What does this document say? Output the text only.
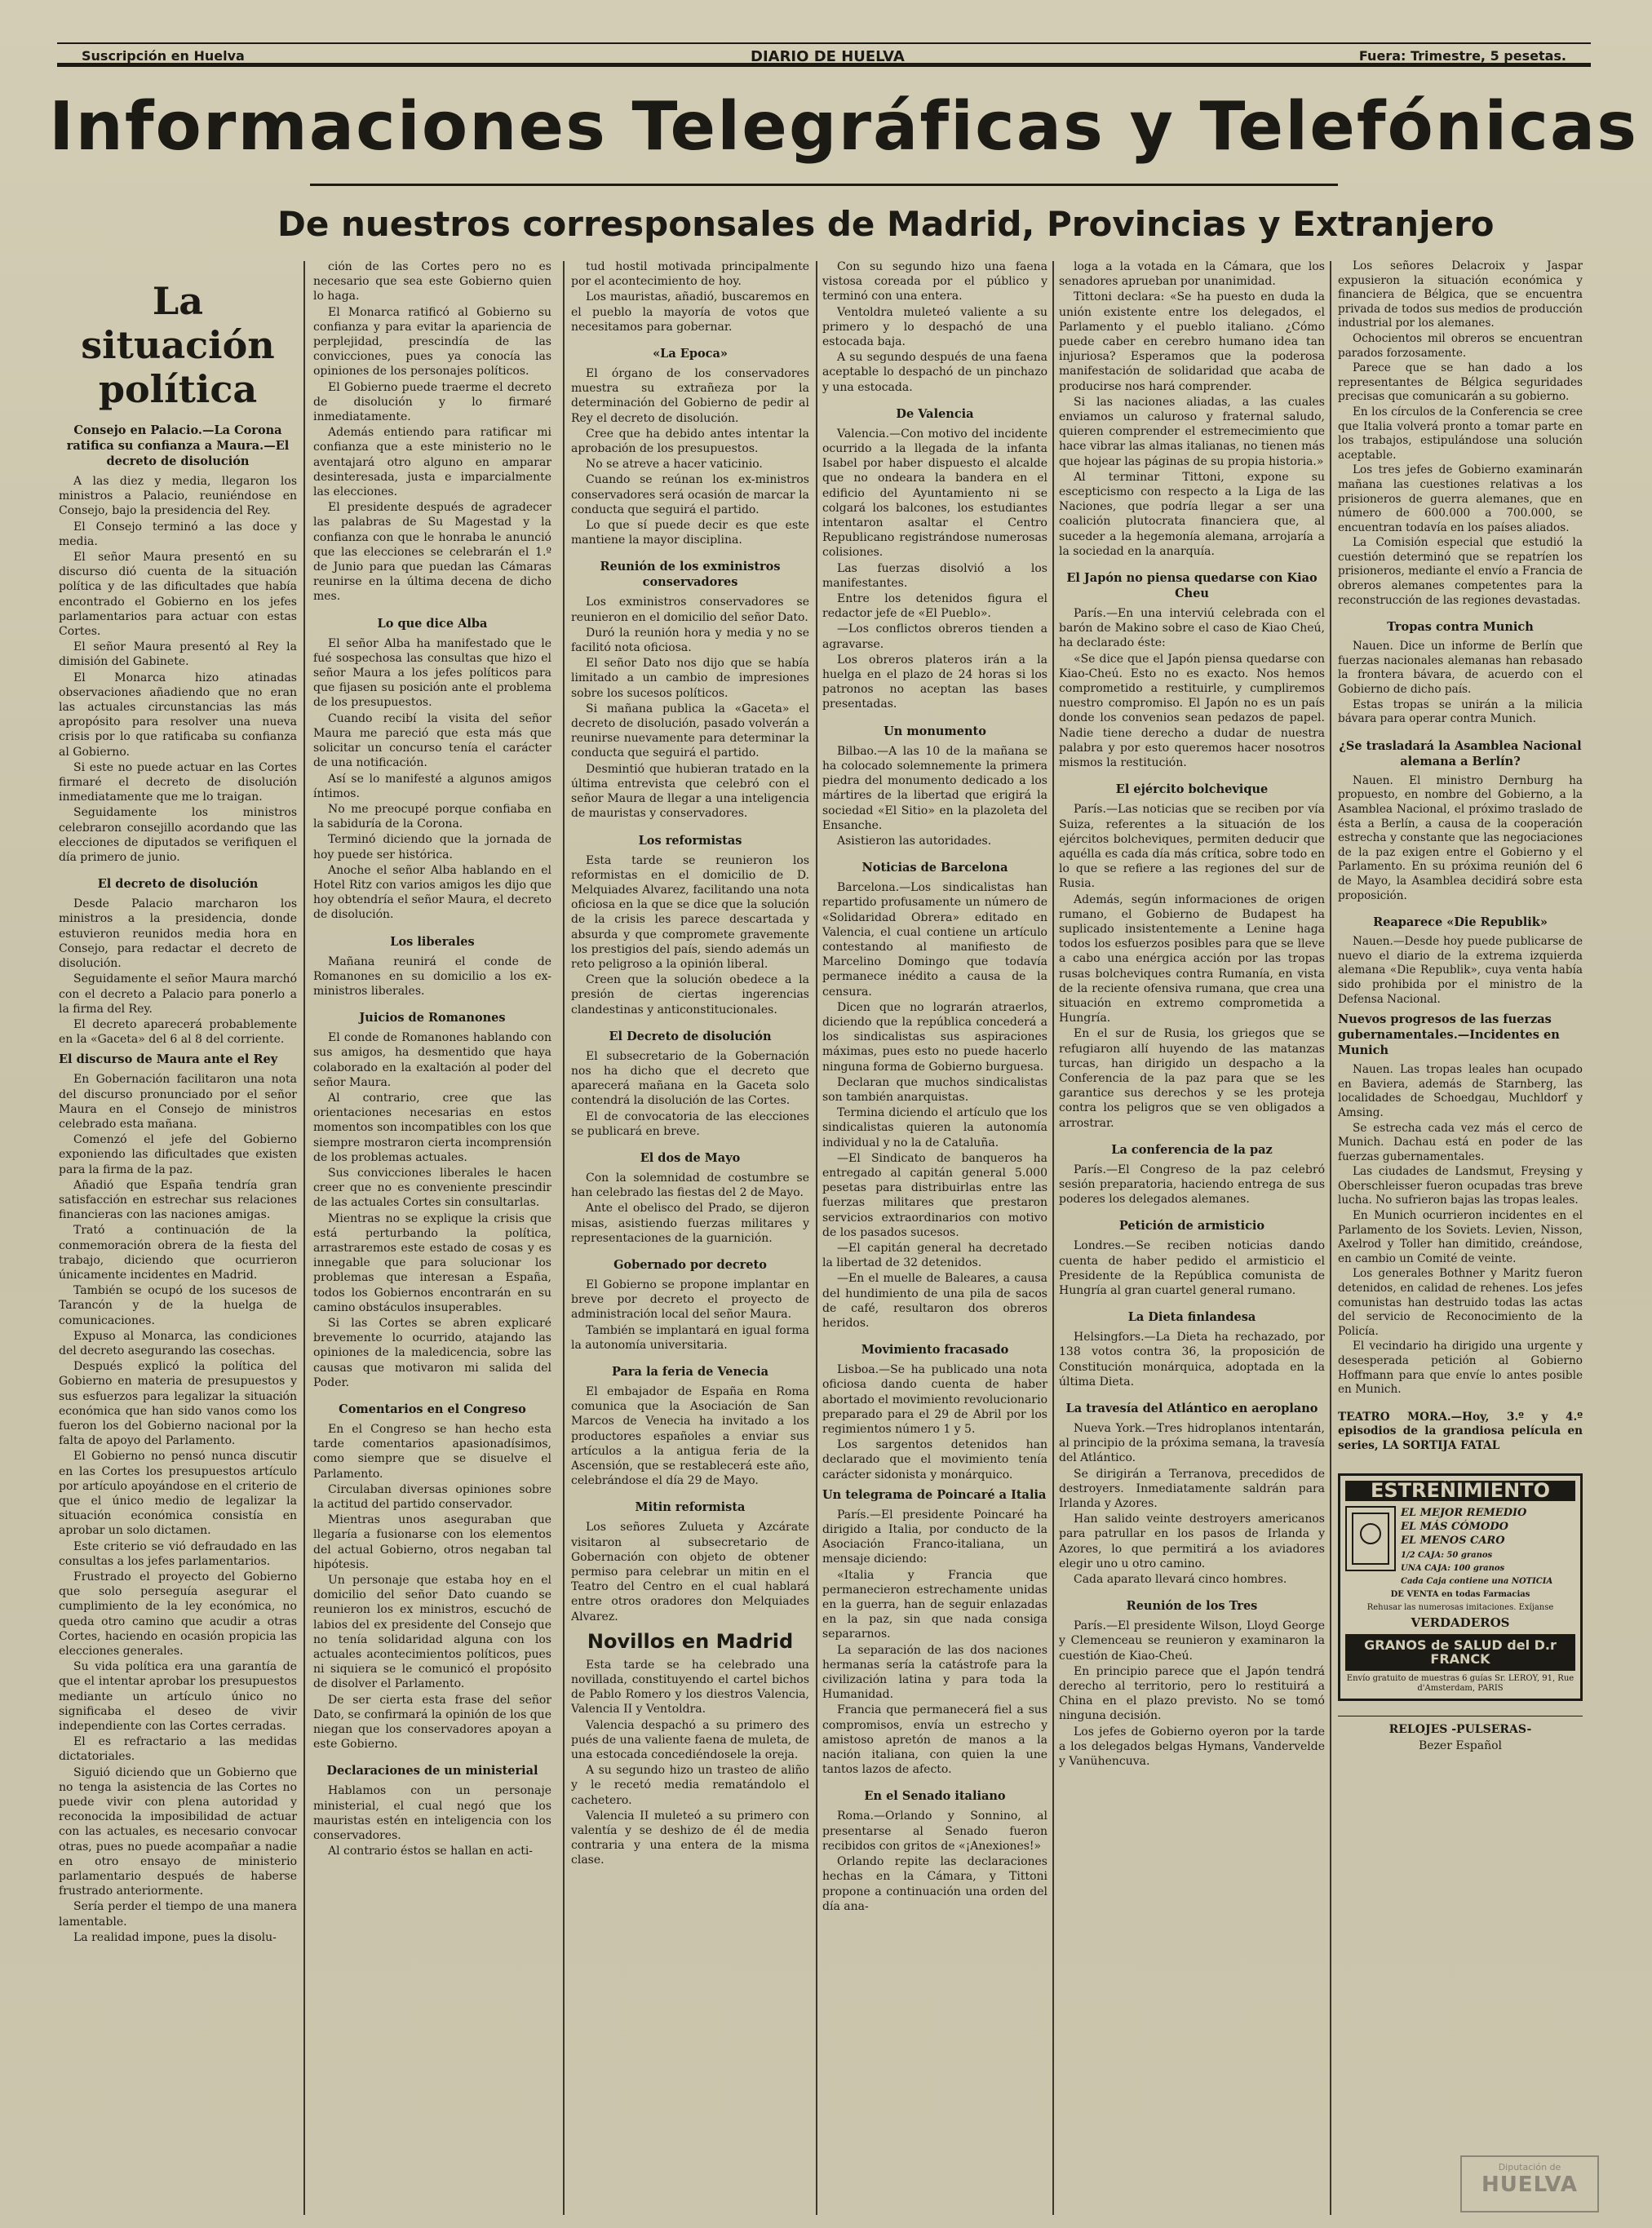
Suscripción en Huelva	DIARIO DE HUELVA	Fuera: Trimestre, 5 pesetas.
Informaciones Telegráficas y Telefónicas
De nuestros corresponsales de Madrid, Provincias y Extranjero
La situación política
Consejo en Palacio.—La Corona ratifica su confianza a Maura.—El decreto de disolución

A las diez y media, llegaron los ministros a Palacio, reuniéndose en Consejo, bajo la presidencia del Rey.

El Consejo terminó a las doce y media.

El señor Maura presentó en su discurso dió cuenta de la situación política y de las dificultades que había encontrado el Gobierno en los jefes parlamentarios para actuar con estas Cortes.

El señor Maura presentó al Rey la dimisión del Gabinete.

El Monarca hizo atinadas observaciones añadiendo que no eran las actuales circunstancias las más apropósito para resolver una nueva crisis por lo que ratificaba su confianza al Gobierno.

Si este no puede actuar en las Cortes firmaré el decreto de disolución inmediatamente que me lo traigan.

Seguidamente los ministros celebraron consejillo acordando que las elecciones de diputados se verifiquen el día primero de junio.

El decreto de disolución

Desde Palacio marcharon los ministros a la presidencia, donde estuvieron reunidos media hora en Consejo, para redactar el decreto de disolución.

Seguidamente el señor Maura marchó con el decreto a Palacio para ponerlo a la firma del Rey.

El decreto aparecerá probablemente en la «Gaceta» del 6 al 8 del corriente.

El discurso de Maura ante el Rey

En Gobernación facilitaron una nota del discurso pronunciado por el señor Maura en el Consejo de ministros celebrado esta mañana.

Comenzó el jefe del Gobierno exponiendo las dificultades que existen para la firma de la paz.

Añadió que España tendría gran satisfacción en estrechar sus relaciones financieras con las naciones amigas.

Trató a continuación de la conmemoración obrera de la fiesta del trabajo, diciendo que ocurrieron únicamente incidentes en Madrid.

También se ocupó de los sucesos de Tarancón y de la huelga de comunicaciones.

Expuso al Monarca, las condiciones del decreto asegurando las cosechas.

Después explicó la política del Gobierno en materia de presupuestos y sus esfuerzos para legalizar la situación económica que han sido vanos como los fueron los del Gobierno nacional por la falta de apoyo del Parlamento.

El Gobierno no pensó nunca discutir en las Cortes los presupuestos artículo por artículo apoyándose en el criterio de que el único medio de legalizar la situación económica consistía en aprobar un solo dictamen.

Este criterio se vió defraudado en las consultas a los jefes parlamentarios.

Frustrado el proyecto del Gobierno que solo perseguía asegurar el cumplimiento de la ley económica, no queda otro camino que acudir a otras Cortes, haciendo en ocasión propicia las elecciones generales.

Su vida política era una garantía de que el intentar aprobar los presupuestos mediante un artículo único no significaba el deseo de vivir independiente con las Cortes cerradas.

El es refractario a las medidas dictatoriales.

Siguió diciendo que un Gobierno que no tenga la asistencia de las Cortes no puede vivir con plena autoridad y reconocida la imposibilidad de actuar con las actuales, es necesario convocar otras, pues no puede acompañar a nadie en otro ensayo de ministerio parlamentario después de haberse frustrado anteriormente.

Sería perder el tiempo de una manera lamentable.

La realidad impone, pues la disolu-

ción de las Cortes pero no es necesario que sea este Gobierno quien lo haga.

El Monarca ratificó al Gobierno su confianza y para evitar la apariencia de perplejidad, prescindía de las convicciones, pues ya conocía las opiniones de los personajes políticos.

El Gobierno puede traerme el decreto de disolución y lo firmaré inmediatamente.

Además entiendo para ratificar mi confianza que a este ministerio no le aventajará otro alguno en amparar desinteresada, justa e imparcialmente las elecciones.

El presidente después de agradecer las palabras de Su Magestad y la confianza con que le honraba le anunció que las elecciones se celebrarán el 1.º de Junio para que puedan las Cámaras reunirse en la última decena de dicho mes.

Lo que dice Alba

El señor Alba ha manifestado que le fué sospechosa las consultas que hizo el señor Maura a los jefes políticos para que fijasen su posición ante el problema de los presupuestos.

Cuando recibí la visita del señor Maura me pareció que esta más que solicitar un concurso tenía el carácter de una notificación.

Así se lo manifesté a algunos amigos íntimos.

No me preocupé porque confiaba en la sabiduría de la Corona.

Terminó diciendo que la jornada de hoy puede ser histórica.

Anoche el señor Alba hablando en el Hotel Ritz con varios amigos les dijo que hoy obtendría el señor Maura, el decreto de disolución.

Los liberales

Mañana reunirá el conde de Romanones en su domicilio a los ex-ministros liberales.

Juicios de Romanones

El conde de Romanones hablando con sus amigos, ha desmentido que haya colaborado en la exaltación al poder del señor Maura.

Al contrario, cree que las orientaciones necesarias en estos momentos son incompatibles con los que siempre mostraron cierta incomprensión de los problemas actuales.

Sus convicciones liberales le hacen creer que no es conveniente prescindir de las actuales Cortes sin consultarlas.

Mientras no se explique la crisis que está perturbando la política, arrastraremos este estado de cosas y es innegable que para solucionar los problemas que interesan a España, todos los Gobiernos encontrarán en su camino obstáculos insuperables.

Si las Cortes se abren explicaré brevemente lo ocurrido, atajando las opiniones de la maledicencia, sobre las causas que motivaron mi salida del Poder.

Comentarios en el Congreso

En el Congreso se han hecho esta tarde comentarios apasionadísimos, como siempre que se disuelve el Parlamento.

Circulaban diversas opiniones sobre la actitud del partido conservador.

Mientras unos aseguraban que llegaría a fusionarse con los elementos del actual Gobierno, otros negaban tal hipótesis.

Un personaje que estaba hoy en el domicilio del señor Dato cuando se reunieron los ex ministros, escuchó de labios del ex presidente del Consejo que no tenía solidaridad alguna con los actuales acontecimientos políticos, pues ni siquiera se le comunicó el propósito de disolver el Parlamento.

De ser cierta esta frase del señor Dato, se confirmará la opinión de los que niegan que los conservadores apoyan a este Gobierno.

Declaraciones de un ministerial

Hablamos con un personaje ministerial, el cual negó que los mauristas estén en inteligencia con los conservadores.

Al contrario éstos se hallan en acti-

tud hostil motivada principalmente por el acontecimiento de hoy.

Los mauristas, añadió, buscaremos en el pueblo la mayoría de votos que necesitamos para gobernar.

«La Epoca»

El órgano de los conservadores muestra su extrañeza por la determinación del Gobierno de pedir al Rey el decreto de disolución.

Cree que ha debido antes intentar la aprobación de los presupuestos.

No se atreve a hacer vaticinio.

Cuando se reúnan los ex-ministros conservadores será ocasión de marcar la conducta que seguirá el partido.

Lo que sí puede decir es que este mantiene la mayor disciplina.

Reunión de los exministros conservadores

Los exministros conservadores se reunieron en el domicilio del señor Dato.

Duró la reunión hora y media y no se facilitó nota oficiosa.

El señor Dato nos dijo que se había limitado a un cambio de impresiones sobre los sucesos políticos.

Si mañana publica la «Gaceta» el decreto de disolución, pasado volverán a reunirse nuevamente para determinar la conducta que seguirá el partido.

Desmintió que hubieran tratado en la última entrevista que celebró con el señor Maura de llegar a una inteligencia de mauristas y conservadores.

Los reformistas

Esta tarde se reunieron los reformistas en el domicilio de D. Melquiades Alvarez, facilitando una nota oficiosa en la que se dice que la solución de la crisis les parece descartada y absurda y que compromete gravemente los prestigios del país, siendo además un reto peligroso a la opinión liberal.

Creen que la solución obedece a la presión de ciertas ingerencias clandestinas y anticonstitucionales.

El Decreto de disolución

El subsecretario de la Gobernación nos ha dicho que el decreto que aparecerá mañana en la Gaceta solo contendrá la disolución de las Cortes.

El de convocatoria de las elecciones se publicará en breve.

El dos de Mayo

Con la solemnidad de costumbre se han celebrado las fiestas del 2 de Mayo.

Ante el obelisco del Prado, se dijeron misas, asistiendo fuerzas militares y representaciones de la guarnición.

Gobernado por decreto

El Gobierno se propone implantar en breve por decreto el proyecto de administración local del señor Maura.

También se implantará en igual forma la autonomía universitaria.

Para la feria de Venecia

El embajador de España en Roma comunica que la Asociación de San Marcos de Venecia ha invitado a los productores españoles a enviar sus artículos a la antigua feria de la Ascensión, que se restablecerá este año, celebrándose el día 29 de Mayo.

Mitin reformista

Los señores Zulueta y Azcárate visitaron al subsecretario de Gobernación con objeto de obtener permiso para celebrar un mitin en el Teatro del Centro en el cual hablará entre otros oradores don Melquiades Alvarez.

Novillos en Madrid

Esta tarde se ha celebrado una novillada, constituyendo el cartel bichos de Pablo Romero y los diestros Valencia, Valencia II y Ventoldra.

Valencia despachó a su primero des pués de una valiente faena de muleta, de una estocada concediéndosele la oreja.

A su segundo hizo un trasteo de aliño y le recetó media rematándolo el cachetero.

Valencia II muleteó a su primero con valentía y se deshizo de él de media contraria y una entera de la misma clase.

Con su segundo hizo una faena vistosa coreada por el público y terminó con una entera.

Ventoldra muleteó valiente a su primero y lo despachó de una estocada baja.

A su segundo después de una faena aceptable lo despachó de un pinchazo y una estocada.

De Valencia

Valencia.—Con motivo del incidente ocurrido a la llegada de la infanta Isabel por haber dispuesto el alcalde que no ondeara la bandera en el edificio del Ayuntamiento ni se colgará los balcones, los estudiantes intentaron asaltar el Centro Republicano registrándose numerosas colisiones.

Las fuerzas disolvió a los manifestantes.

Entre los detenidos figura el redactor jefe de «El Pueblo».

—Los conflictos obreros tienden a agravarse.

Los obreros plateros irán a la huelga en el plazo de 24 horas si los patronos no aceptan las bases presentadas.

Un monumento

Bilbao.—A las 10 de la mañana se ha colocado solemnemente la primera piedra del monumento dedicado a los mártires de la libertad que erigirá la sociedad «El Sitio» en la plazoleta del Ensanche.

Asistieron las autoridades.

Noticias de Barcelona

Barcelona.—Los sindicalistas han repartido profusamente un número de «Solidaridad Obrera» editado en Valencia, el cual contiene un artículo contestando al manifiesto de Marcelino Domingo que todavía permanece inédito a causa de la censura.

Dicen que no lograrán atraerlos, diciendo que la república concederá a los sindicalistas sus aspiraciones máximas, pues esto no puede hacerlo ninguna forma de Gobierno burguesa.

Declaran que muchos sindicalistas son también anarquistas.

Termina diciendo el artículo que los sindicalistas quieren la autonomía individual y no la de Cataluña.

—El Sindicato de banqueros ha entregado al capitán general 5.000 pesetas para distribuirlas entre las fuerzas militares que prestaron servicios extraordinarios con motivo de los pasados sucesos.

—El capitán general ha decretado la libertad de 32 detenidos.

—En el muelle de Baleares, a causa del hundimiento de una pila de sacos de café, resultaron dos obreros heridos.

Movimiento fracasado

Lisboa.—Se ha publicado una nota oficiosa dando cuenta de haber abortado el movimiento revolucionario preparado para el 29 de Abril por los regimientos número 1 y 5.

Los sargentos detenidos han declarado que el movimiento tenía carácter sidonista y monárquico.

Un telegrama de Poincaré a Italia

París.—El presidente Poincaré ha dirigido a Italia, por conducto de la Asociación Franco-italiana, un mensaje diciendo:

«Italia y Francia que permanecieron estrechamente unidas en la guerra, han de seguir enlazadas en la paz, sin que nada consiga separarnos.

La separación de las dos naciones hermanas sería la catástrofe para la civilización latina y para toda la Humanidad.

Francia que permanecerá fiel a sus compromisos, envía un estrecho y amistoso apretón de manos a la nación italiana, con quien la une tantos lazos de afecto.

En el Senado italiano

Roma.—Orlando y Sonnino, al presentarse al Senado fueron recibidos con gritos de «¡Anexiones!»

Orlando repite las declaraciones hechas en la Cámara, y Tittoni propone a continuación una orden del día ana-

loga a la votada en la Cámara, que los senadores aprueban por unanimidad.

Tittoni declara: «Se ha puesto en duda la unión existente entre los delegados, el Parlamento y el pueblo italiano. ¿Cómo puede caber en cerebro humano idea tan injuriosa? Esperamos que la poderosa manifestación de solidaridad que acaba de producirse nos hará comprender.

Si las naciones aliadas, a las cuales enviamos un caluroso y fraternal saludo, quieren comprender el estremecimiento que hace vibrar las almas italianas, no tienen más que hojear las páginas de su propia historia.»

Al terminar Tittoni, expone su escepticismo con respecto a la Liga de las Naciones, que podría llegar a ser una coalición plutocrata financiera que, al suceder a la hegemonía alemana, arrojaría a la sociedad en la anarquía.

El Japón no piensa quedarse con Kiao Cheu

París.—En una interviú celebrada con el barón de Makino sobre el caso de Kiao Cheú, ha declarado éste:

«Se dice que el Japón piensa quedarse con Kiao-Cheú. Esto no es exacto. Nos hemos comprometido a restituirle, y cumpliremos nuestro compromiso. El Japón no es un país donde los convenios sean pedazos de papel. Nadie tiene derecho a dudar de nuestra palabra y por esto queremos hacer nosotros mismos la restitución.

El ejército bolchevique

París.—Las noticias que se reciben por vía Suiza, referentes a la situación de los ejércitos bolcheviques, permiten deducir que aquélla es cada día más crítica, sobre todo en lo que se refiere a las regiones del sur de Rusia.

Además, según informaciones de origen rumano, el Gobierno de Budapest ha suplicado insistentemente a Lenine haga todos los esfuerzos posibles para que se lleve a cabo una enérgica acción por las tropas rusas bolcheviques contra Rumanía, en vista de la reciente ofensiva rumana, que crea una situación en extremo comprometida a Hungría.

En el sur de Rusia, los griegos que se refugiaron allí huyendo de las matanzas turcas, han dirigido un despacho a la Conferencia de la paz para que se les garantice sus derechos y se les proteja contra los peligros que se ven obligados a arrostrar.

La conferencia de la paz

París.—El Congreso de la paz celebró sesión preparatoria, haciendo entrega de sus poderes los delegados alemanes.

Petición de armisticio

Londres.—Se reciben noticias dando cuenta de haber pedido el armisticio el Presidente de la República comunista de Hungría al gran cuartel general rumano.

La Dieta finlandesa

Helsingfors.—La Dieta ha rechazado, por 138 votos contra 36, la proposición de Constitución monárquica, adoptada en la última Dieta.

La travesía del Atlántico en aeroplano

Nueva York.—Tres hidroplanos intentarán, al principio de la próxima semana, la travesía del Atlántico.

Se dirigirán a Terranova, precedidos de destroyers. Inmediatamente saldrán para Irlanda y Azores.

Han salido veinte destroyers americanos para patrullar en los pasos de Irlanda y Azores, lo que permitirá a los aviadores elegir uno u otro camino.

Cada aparato llevará cinco hombres.

Reunión de los Tres

París.—El presidente Wilson, Lloyd George y Clemenceau se reunieron y examinaron la cuestión de Kiao-Cheú.

En principio parece que el Japón tendrá derecho al territorio, pero lo restituirá a China en el plazo previsto. No se tomó ninguna decisión.

Los jefes de Gobierno oyeron por la tarde a los delegados belgas Hymans, Vandervelde y Vanühencuva.

Los señores Delacroix y Jaspar expusieron la situación económica y financiera de Bélgica, que se encuentra privada de todos sus medios de producción industrial por los alemanes.

Ochocientos mil obreros se encuentran parados forzosamente.

Parece que se han dado a los representantes de Bélgica seguridades precisas que comunicarán a su gobierno.

En los círculos de la Conferencia se cree que Italia volverá pronto a tomar parte en los trabajos, estipulándose una solución aceptable.

Los tres jefes de Gobierno examinarán mañana las cuestiones relativas a los prisioneros de guerra alemanes, que en número de 600.000 a 700.000, se encuentran todavía en los países aliados.

La Comisión especial que estudió la cuestión determinó que se repatríen los prisioneros, mediante el envío a Francia de obreros alemanes competentes para la reconstrucción de las regiones devastadas.

Tropas contra Munich

Nauen. Dice un informe de Berlín que fuerzas nacionales alemanas han rebasado la frontera bávara, de acuerdo con el Gobierno de dicho país.

Estas tropas se unirán a la milicia bávara para operar contra Munich.

¿Se trasladará la Asamblea Nacional alemana a Berlín?

Nauen. El ministro Dernburg ha propuesto, en nombre del Gobierno, a la Asamblea Nacional, el próximo traslado de ésta a Berlín, a causa de la cooperación estrecha y constante que las negociaciones de la paz exigen entre el Gobierno y el Parlamento. En su próxima reunión del 6 de Mayo, la Asamblea decidirá sobre esta proposición.

Reaparece «Die Republik»

Nauen.—Desde hoy puede publicarse de nuevo el diario de la extrema izquierda alemana «Die Republik», cuya venta había sido prohibida por el ministro de la Defensa Nacional.

Nuevos progresos de las fuerzas gubernamentales.—Incidentes en Munich

Nauen. Las tropas leales han ocupado en Baviera, además de Starnberg, las localidades de Schoedgau, Muchldorf y Amsing.

Se estrecha cada vez más el cerco de Munich. Dachau está en poder de las fuerzas gubernamentales.

Las ciudades de Landsmut, Freysing y Oberschleisser fueron ocupadas tras breve lucha. No sufrieron bajas las tropas leales.

En Munich ocurrieron incidentes en el Parlamento de los Soviets. Levien, Nisson, Axelrod y Toller han dimitido, creándose, en cambio un Comité de veinte.

Los generales Bothner y Maritz fueron detenidos, en calidad de rehenes. Los jefes comunistas han destruido todas las actas del servicio de Reconocimiento de la Policía.

El vecindario ha dirigido una urgente y desesperada petición al Gobierno Hoffmann para que envíe lo antes posible en Munich.

TEATRO MORA.—Hoy, 3.º y 4.º episodios de la grandiosa película en series, LA SORTIJA FATAL

ESTREÑIMIENTO
EL MEJOR REMEDIO
EL MÁS CÓMODO
EL MENOS CARO
1/2 CAJA: 50 granos
UNA CAJA: 100 granos
Cada Caja contiene una NOTICIA
DE VENTA en todas Farmacias
Rehusar las numerosas imitaciones. Exíjanse
VERDADEROS
GRANOS de SALUD del D.r FRANCK
Envío gratuito de muestras 6 guías Sr. LEROY, 91, Rue d'Amsterdam, PARIS
RELOJES -PULSERAS-
Bezer Español
Diputación de
HUELVA
